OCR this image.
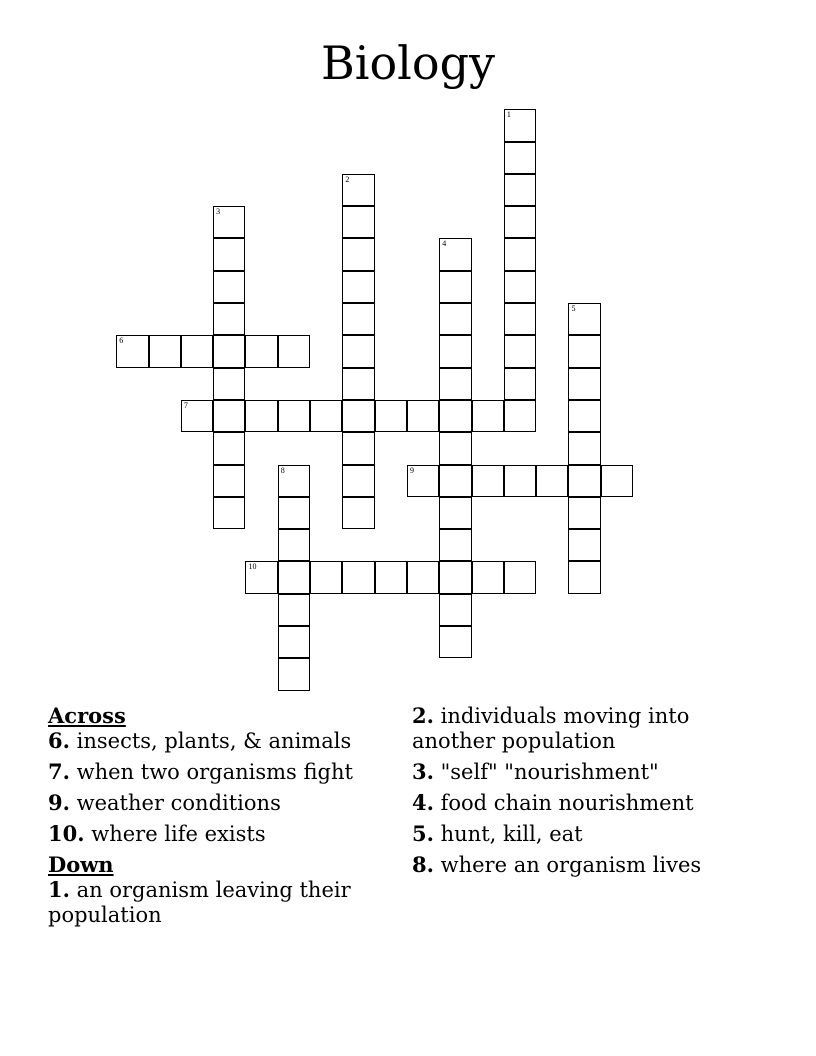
Biology
1
2
3
4
5
6
7
8	9
10
Across
6. insects, plants, & animals
7. when two organisms fight
9. weather conditions
10. where life exists
Down
1. an organism leaving their population
2. individuals moving into another population
3. "self" "nourishment"
4. food chain nourishment
5. hunt, kill, eat
8. where an organism lives
